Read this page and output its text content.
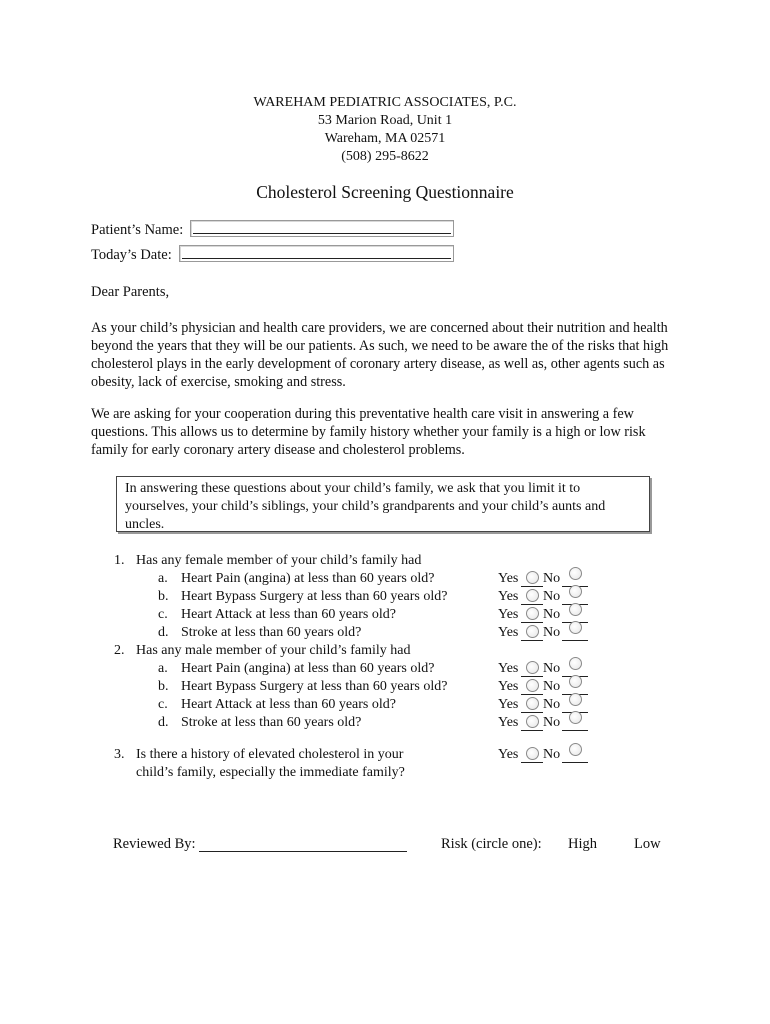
WAREHAM PEDIATRIC ASSOCIATES, P.C.
53 Marion Road, Unit 1
Wareham, MA 02571
(508) 295-8622
Cholesterol Screening Questionnaire
Patient’s Name:
Today’s Date:
Dear Parents,
As your child’s physician and health care providers, we are concerned about their nutrition and health beyond the years that they will be our patients. As such, we need to be aware the of the risks that high cholesterol plays in the early development of coronary artery disease, as well as, other agents such as obesity, lack of exercise, smoking and stress.
We are asking for your cooperation during this preventative health care visit in answering a few questions. This allows us to determine by family history whether your family is a high or low risk family for early coronary artery disease and cholesterol problems.
In answering these questions about your child’s family, we ask that you limit it to yourselves, your child’s siblings, your child’s grandparents and your child’s aunts and uncles.
1. Has any female member of your child’s family had
a. Heart Pain (angina) at less than 60 years old?
b. Heart Bypass Surgery at less than 60 years old?
c. Heart Attack at less than 60 years old?
d. Stroke at less than 60 years old?
2. Has any male member of your child’s family had
a. Heart Pain (angina) at less than 60 years old?
b. Heart Bypass Surgery at less than 60 years old?
c. Heart Attack at less than 60 years old?
d. Stroke at less than 60 years old?
3. Is there a history of elevated cholesterol in your
child’s family, especially the immediate family?
Yes No
Yes No
Yes No
Yes No
Yes No
Yes No
Yes No
Yes No
Yes No
Reviewed By:	Risk (circle one): High	Low
